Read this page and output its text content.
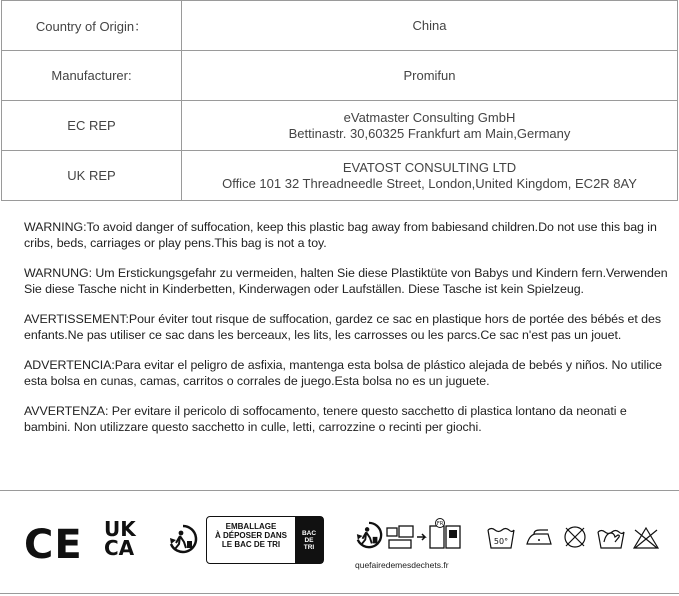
Country of Origin：	China
Manufacturer:	Promifun
EC REP
eVatmaster Consulting GmbH
Bettinastr. 30,60325 Frankfurt am Main,Germany
UK REP
EVATOST CONSULTING LTD
Office 101 32 Threadneedle Street, London,United Kingdom, EC2R 8AY

WARNING:To avoid danger of suffocation, keep this plastic bag away from babiesand children.Do not use this bag in cribs, beds, carriages or play pens.This bag is not a toy.

WARNUNG: Um Erstickungsgefahr zu vermeiden, halten Sie diese Plastiktüte von Babys und Kindern fern.Verwenden Sie diese Tasche nicht in Kinderbetten, Kinderwagen oder Laufställen. Diese Tasche ist kein Spielzeug.

AVERTISSEMENT:Pour éviter tout risque de suffocation, gardez ce sac en plastique hors de portée des bébés et des enfants.Ne pas utiliser ce sac dans les berceaux, les lits, les carrosses ou les parcs.Ce sac n'est pas un jouet.

ADVERTENCIA:Para evitar el peligro de asfixia, mantenga esta bolsa de plástico alejada de bebés y niños. No utilice esta bolsa en cunas, camas, carritos o corrales de juego.Esta bolsa no es un juguete.

AVVERTENZA: Per evitare il pericolo di soffocamento, tenere questo sacchetto di plastica lontano da neonati e bambini. Non utilizzare questo sacchetto in culle, letti, carrozzine o recinti per giochi.

CE UK
CA
EMBALLAGE
À DÉPOSER DANS
LE BAC DE TRI
BAC
DE
TRI
FR
quefairedemesdechets.fr
50°
